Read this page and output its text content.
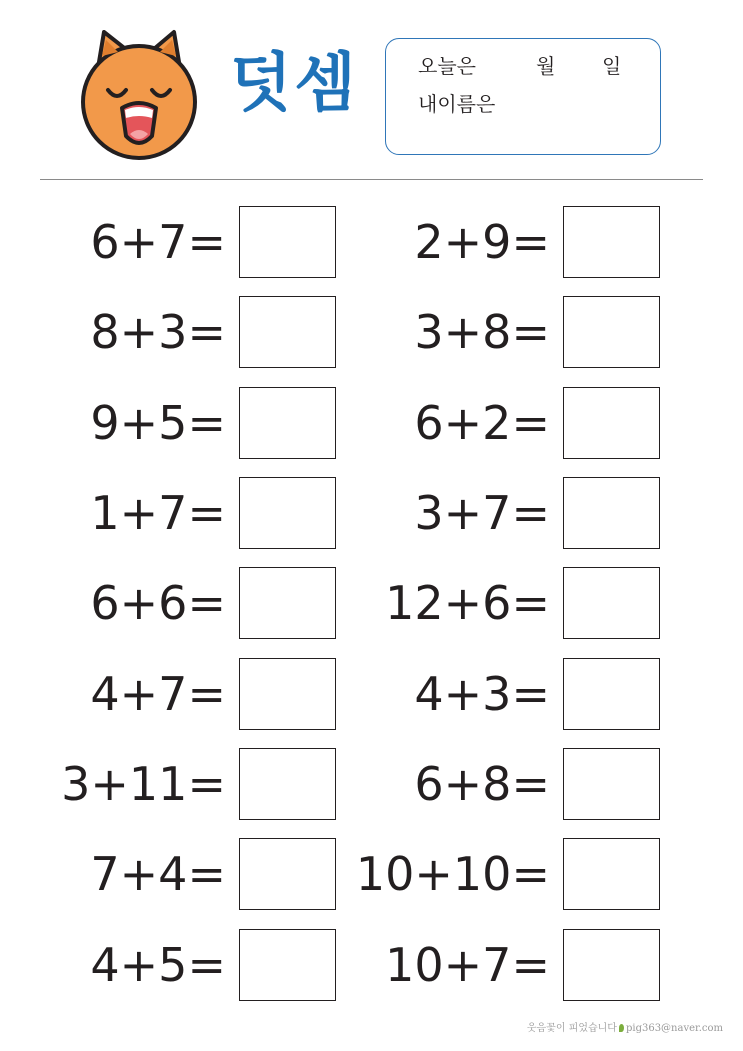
덧셈	오늘은	월 일
내이름은
6+7=
8+3=
9+5=
1+7=
6+6=
4+7=
3+11=
7+4=
4+5=
2+9=
3+8=
6+2=
3+7=
12+6=
4+3=
6+8=
10+10=
10+7=
웃음꽃이 피었습니다 pig363@naver.com
